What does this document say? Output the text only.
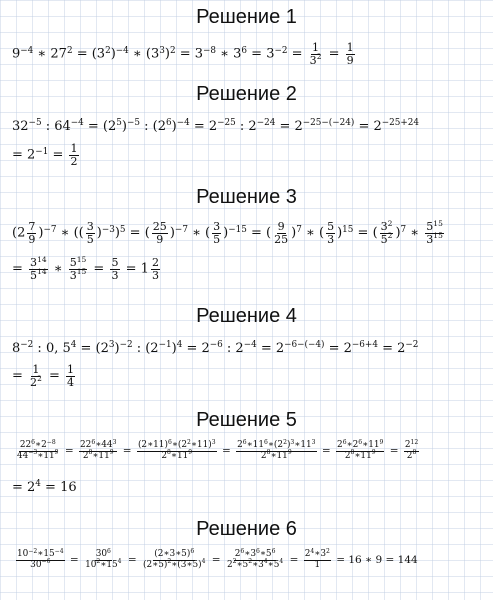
Решение 1
$9^{-4}$ ∗ $27^2 = (3^2)^{-4}$ ∗ $(3^3)^2 = 3^{-8}$ ∗ $3^6 = 3^{-2} = \frac{1}{3^2} = \frac{1}{9}$
Решение 2
$32^{-5}$ : $64^{-4} = (2^5)^{-5}$ : $(2^6)^{-4} = 2^{-25}$ : $2^{-24} = 2^{-25-(-24)} = 2^{-25+24}$
= $2^{-1} = \frac{1}{2}$
Решение 3
$(2 \frac{7}{9} )^{-7}$ ∗ (( $\frac{3}{5} )^{-3})^5$ = ( $\frac{25}{9} )^{-7}$ ∗ ( $\frac{3}{5} )^{-15}$ = ( $\frac{9}{25} )^7$ ∗ ( $\frac{5}{3} )^{15}$ = ( $\frac{3^2}{5^2} )^7$ ∗ $\frac{5^{15}}{3^{15}}$
= $\frac{3^{14}}{5^{14}}$ ∗ $\frac{5^{15}}{3^{15}} = \frac{5}{3} = 1 \frac{2}{3}$
Решение 4
$8^{-2}$ : 0, $5^4 = (2^3)^{-2}$ : $(2^{-1})^4 = 2^{-6}$ : $2^{-4} = 2^{-6-(-4)} = 2^{-6+4} = 2^{-2}$
= $\frac{1}{2^2} = \frac{1}{4}$
Решение 5
$\frac{22^6∗2^{-8}}{44^{-3}∗11^9} = \frac{22^6∗44^3}{2^8∗11^9} = \frac{(2∗11)^6∗(2^2∗11)^3}{2^8∗11^9} = \frac{2^6∗11^6∗(2^2)^3∗11^3}{2^8∗11^9} = \frac{2^6∗2^6∗11^9}{2^8∗11^9} = \frac{2^{12}}{2^8}$
= $2^4 = 16$
Решение 6
$\frac{10^{-2}∗15^{-4}}{30^{-6}} = \frac{30^6}{10^2∗15^4} = \frac{(2∗3∗5)^6}{(2∗5)^2∗(3∗5)^4} = \frac{2^6∗3^6∗5^6}{2^2∗5^2∗3^4∗5^4} = \frac{2^4∗3^2}{1} = 16$ ∗ 9 = 144
